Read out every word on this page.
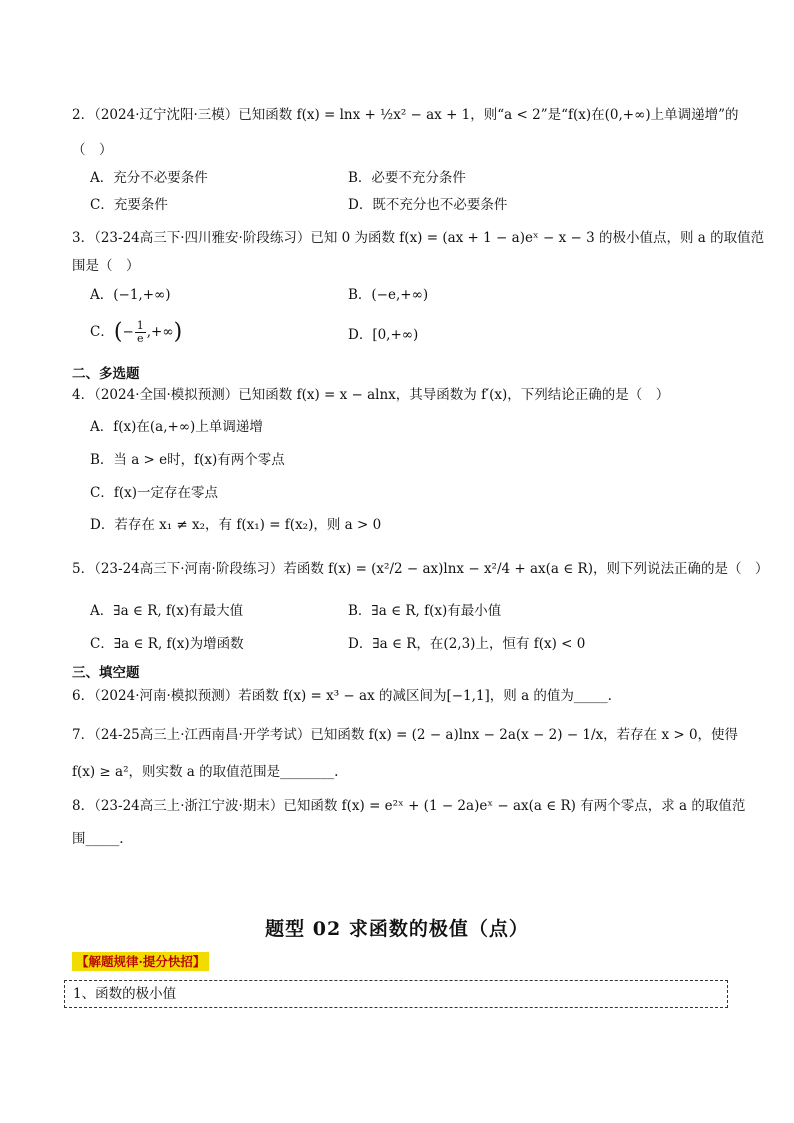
2．（2024·辽宁沈阳·三模）已知函数 f(x) = lnx + ½x² − ax + 1，则“a < 2”是“f(x)在(0,+∞)上单调递增”的
（　）
A．充分不必要条件	B．必要不充分条件
C．充要条件	D．既不充分也不必要条件
3．（23-24高三下·四川雅安·阶段练习）已知 0 为函数 f(x) = (ax + 1 − a)eˣ − x − 3 的极小值点，则 a 的取值范
围是（　）
A．(−1,+∞)	B．(−e,+∞)
C．(− $\frac{1}{e}$ ,+∞)	D．[0,+∞)
二、多选题
4．（2024·全国·模拟预测）已知函数 f(x) = x − alnx，其导函数为 f′(x)，下列结论正确的是（　）
A．f(x)在(a,+∞)上单调递增
B．当 a > e时，f(x)有两个零点
C．f(x)一定存在零点
D．若存在 x₁ ≠ x₂，有 f(x₁) = f(x₂)，则 a > 0
5．（23-24高三下·河南·阶段练习）若函数 f(x) = (x²/2 − ax)lnx − x²/4 + ax(a ∈ R)，则下列说法正确的是（　）
A．∃a ∈ R, f(x)有最大值	B．∃a ∈ R, f(x)有最小值
C．∃a ∈ R, f(x)为增函数	D．∃a ∈ R，在(2,3)上，恒有 f(x) < 0
三、填空题
6．（2024·河南·模拟预测）若函数 f(x) = x³ − ax 的减区间为[−1,1]，则 a 的值为_____.
7．（24-25高三上·江西南昌·开学考试）已知函数 f(x) = (2 − a)lnx − 2a(x − 2) − 1/x，若存在 x > 0，使得
f(x) ≥ a²，则实数 a 的取值范围是________.
8．（23-24高三上·浙江宁波·期末）已知函数 f(x) = e²ˣ + (1 − 2a)eˣ − ax(a ∈ R) 有两个零点，求 a 的取值范
围_____.
题型 02 求函数的极值（点）
【解题规律·提分快招】
1、函数的极小值
